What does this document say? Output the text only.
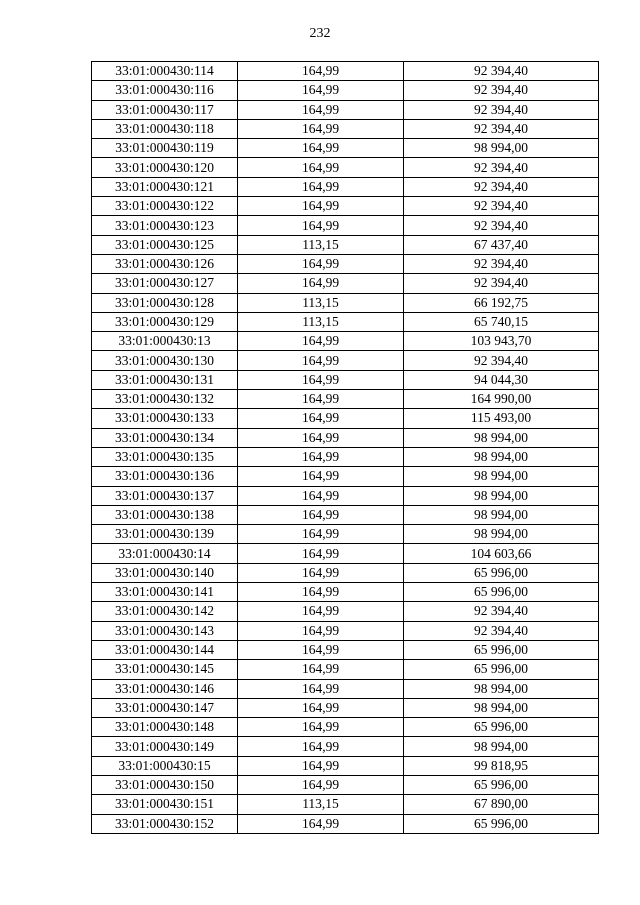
232
33:01:000430:114	164,99	92 394,40
33:01:000430:116	164,99	92 394,40
33:01:000430:117	164,99	92 394,40
33:01:000430:118	164,99	92 394,40
33:01:000430:119	164,99	98 994,00
33:01:000430:120	164,99	92 394,40
33:01:000430:121	164,99	92 394,40
33:01:000430:122	164,99	92 394,40
33:01:000430:123	164,99	92 394,40
33:01:000430:125	113,15	67 437,40
33:01:000430:126	164,99	92 394,40
33:01:000430:127	164,99	92 394,40
33:01:000430:128	113,15	66 192,75
33:01:000430:129	113,15	65 740,15
33:01:000430:13	164,99	103 943,70
33:01:000430:130	164,99	92 394,40
33:01:000430:131	164,99	94 044,30
33:01:000430:132	164,99	164 990,00
33:01:000430:133	164,99	115 493,00
33:01:000430:134	164,99	98 994,00
33:01:000430:135	164,99	98 994,00
33:01:000430:136	164,99	98 994,00
33:01:000430:137	164,99	98 994,00
33:01:000430:138	164,99	98 994,00
33:01:000430:139	164,99	98 994,00
33:01:000430:14	164,99	104 603,66
33:01:000430:140	164,99	65 996,00
33:01:000430:141	164,99	65 996,00
33:01:000430:142	164,99	92 394,40
33:01:000430:143	164,99	92 394,40
33:01:000430:144	164,99	65 996,00
33:01:000430:145	164,99	65 996,00
33:01:000430:146	164,99	98 994,00
33:01:000430:147	164,99	98 994,00
33:01:000430:148	164,99	65 996,00
33:01:000430:149	164,99	98 994,00
33:01:000430:15	164,99	99 818,95
33:01:000430:150	164,99	65 996,00
33:01:000430:151	113,15	67 890,00
33:01:000430:152	164,99	65 996,00
